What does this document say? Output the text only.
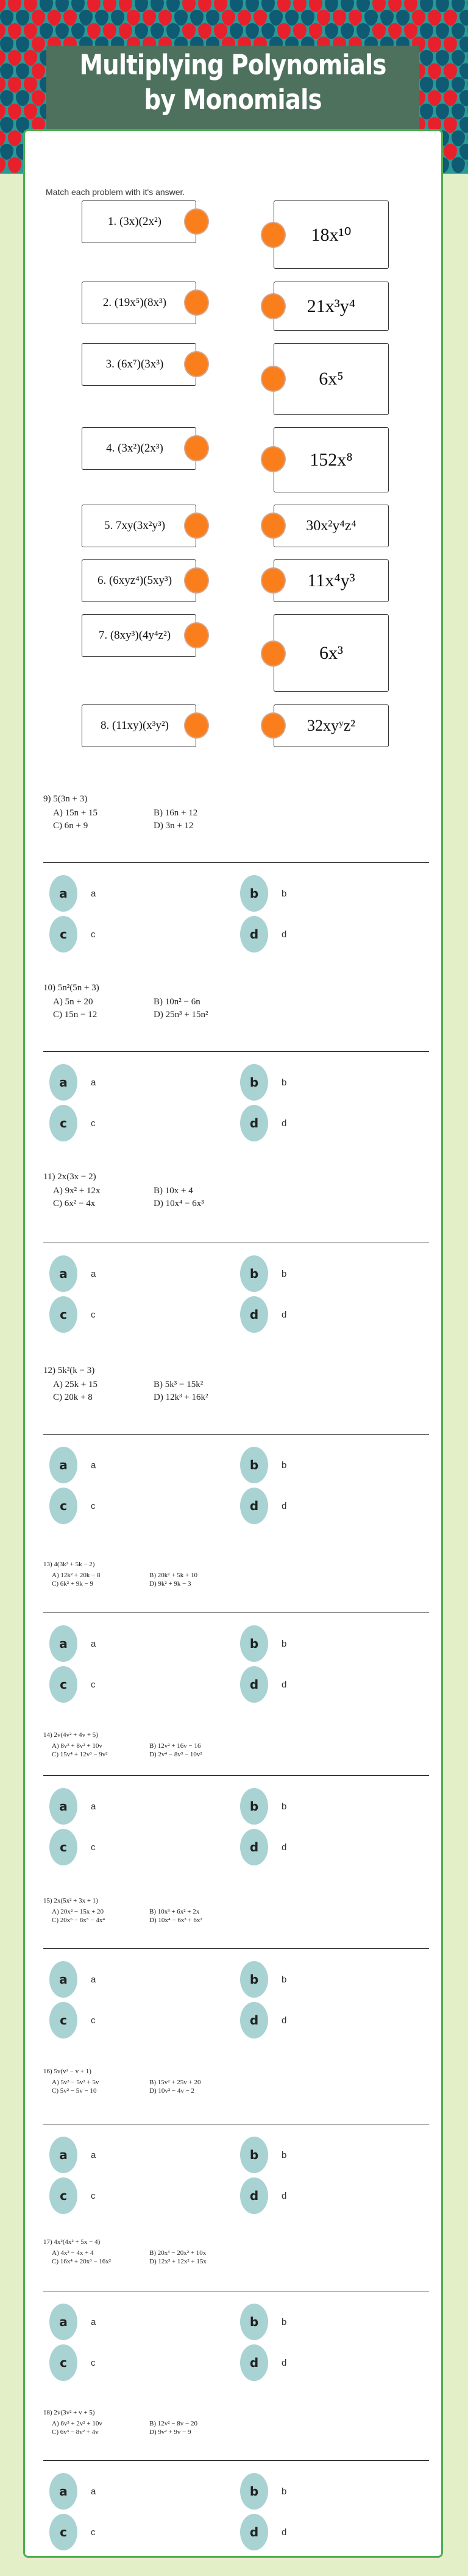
Multiplying Polynomials by Monomials
Match each problem with it's answer.
1. (3x)(2x²)
2. (19x⁵)(8x³)
3. (6x⁷)(3x³)
4. (3x²)(2x³)
5. 7xy(3x²y³)
6. (6xyz⁴)(5xy³)
7. (8xy³)(4y⁴z²)
8. (11xy)(x³y²)
18x¹⁰
21x³y⁴
6x⁵
152x⁸
30x²y⁴z⁴
11x⁴y³
6x³
32xyʸz²
9) 5(3n + 3)
A) 15n + 15	B) 16n + 12
C) 6n + 9	D) 3n + 12
a	a	b	b
c	c	d	d
10) 5n²(5n + 3)
A) 5n + 20	B) 10n² − 6n
C) 15n − 12	D) 25n³ + 15n²
a	a	b	b
c	c	d	d
11) 2x(3x − 2)
A) 9x² + 12x	B) 10x + 4
C) 6x² − 4x	D) 10x⁴ − 6x³
a	a	b	b
c	c	d	d
12) 5k²(k − 3)
A) 25k + 15	B) 5k³ − 15k²
C) 20k + 8	D) 12k³ + 16k²
a	a	b	b
c	c	d	d
13) 4(3k² + 5k − 2)
A) 12k² + 20k − 8	B) 20k² + 5k + 10
C) 6k² + 9k − 9	D) 9k² + 9k − 3
a	a	b	b
c	c	d	d
14) 2v(4v² + 4v + 5)
A) 8v³ + 8v² + 10v	B) 12v² + 16v − 16
C) 15v⁴ + 12v³ − 9v²	D) 2v⁴ − 8v³ − 10v²
a	a	b	b
c	c	d	d
15) 2x(5x² + 3x + 1)
A) 20x² − 15x + 20	B) 10x³ + 6x² + 2x
C) 20x⁶ − 8x⁵ − 4x⁴	D) 10x⁴ − 6x³ + 6x²
a	a	b	b
c	c	d	d
16) 5v(v² − v + 1)
A) 5v³ − 5v² + 5v	B) 15v² + 25v + 20
C) 5v² − 5v − 10	D) 10v² − 4v − 2
a	a	b	b
c	c	d	d
17) 4x²(4x² + 5x − 4)
A) 4x² − 4x + 4	B) 20x³ − 20x² + 10x
C) 16x⁴ + 20x³ − 16x²	D) 12x³ + 12x² + 15x
a	a	b	b
c	c	d	d
18) 2v(3v² + v + 5)
A) 6v³ + 2v² + 10v	B) 12v² − 8v − 20
C) 6v³ − 8v² + 4v	D) 9v² + 9v − 9
a	a	b	b
c	c	d	d
